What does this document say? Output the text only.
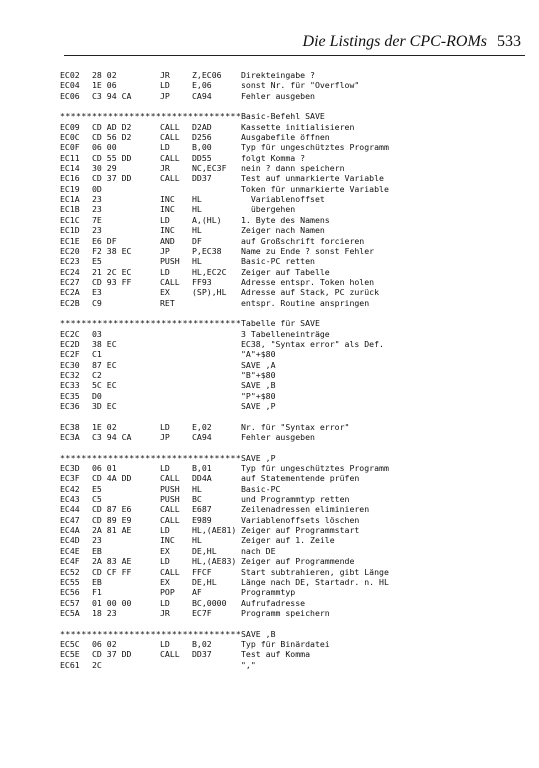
Die Listings der CPC-ROMs 533
EC02 28 02	JR	Z,EC06 Direkteingabe ?
EC04 1E 06	LD	E,06	sonst Nr. für "Overflow"
EC06 C3 94 CA	JP	CA94	Fehler ausgeben
********************************** Basic-Befehl SAVE
EC09 CD AD D2	CALL D2AD	Kassette initialisieren
EC0C CD 56 D2	CALL D256	Ausgabefile öffnen
EC0F 06 00	LD	B,00	Typ für ungeschütztes Programm
EC11 CD 55 DD	CALL DD55	folgt Komma ?
EC14 30 29	JR	NC,EC3F nein ? dann speichern
EC16 CD 37 DD	CALL DD37	Test auf unmarkierte Variable
EC19 0D	Token für unmarkierte Variable
EC1A 23	INC HL	Variablenoffset
EC1B 23	INC HL	übergehen
EC1C 7E	LD	A,(HL) 1. Byte des Namens
EC1D 23	INC HL	Zeiger nach Namen
EC1E E6 DF	AND DF	auf Großschrift forcieren
EC20 F2 38 EC	JP	P,EC38 Name zu Ende ? sonst Fehler
EC23 E5	PUSH HL	Basic-PC retten
EC24 21 2C EC	LD	HL,EC2C Zeiger auf Tabelle
EC27 CD 93 FF	CALL FF93	Adresse entspr. Token holen
EC2A E3	EX	(SP),HL Adresse auf Stack, PC zurück
EC2B C9	RET	entspr. Routine anspringen
********************************** Tabelle für SAVE
EC2C 03	3 Tabelleneinträge
EC2D 38 EC	EC38, "Syntax error" als Def.
EC2F C1	"A"+$80
EC30 87 EC	SAVE ,A
EC32 C2	"B"+$80
EC33 5C EC	SAVE ,B
EC35 D0	"P"+$80
EC36 3D EC	SAVE ,P
EC38 1E 02	LD	E,02	Nr. für "Syntax error"
EC3A C3 94 CA	JP	CA94	Fehler ausgeben
********************************** SAVE ,P
EC3D 06 01	LD	B,01	Typ für ungeschütztes Programm
EC3F CD 4A DD	CALL DD4A	auf Statementende prüfen
EC42 E5	PUSH HL	Basic-PC
EC43 C5	PUSH BC	und Programmtyp retten
EC44 CD 87 E6	CALL E687	Zeilenadressen eliminieren
EC47 CD 89 E9	CALL E989	Variablenoffsets löschen
EC4A 2A 81 AE	LD	HL,(AE81) Zeiger auf Programmstart
EC4D 23	INC HL	Zeiger auf 1. Zeile
EC4E EB	EX	DE,HL	nach DE
EC4F 2A 83 AE	LD	HL,(AE83) Zeiger auf Programmende
EC52 CD CF FF	CALL FFCF	Start subtrahieren, gibt Länge
EC55 EB	EX	DE,HL	Länge nach DE, Startadr. n. HL
EC56 F1	POP AF	Programmtyp
EC57 01 00 00	LD	BC,0000 Aufrufadresse
EC5A 18 23	JR	EC7F	Programm speichern
********************************** SAVE ,B
EC5C 06 02	LD	B,02	Typ für Binärdatei
EC5E CD 37 DD	CALL DD37	Test auf Komma
EC61 2C	","
